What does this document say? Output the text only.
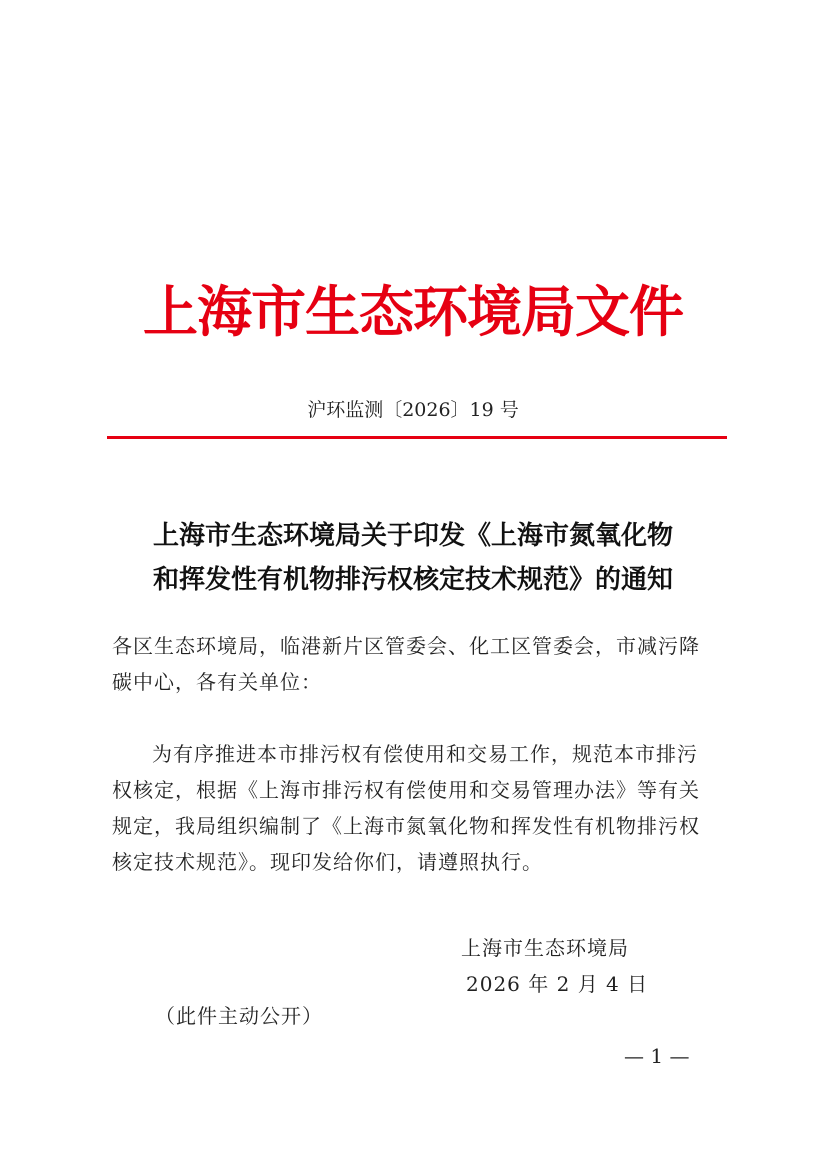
上海市生态环境局文件
沪环监测〔2026〕19 号
上海市生态环境局关于印发《上海市氮氧化物
和挥发性有机物排污权核定技术规范》的通知
各区生态环境局，临港新片区管委会、化工区管委会，市减污降
碳中心，各有关单位：
为有序推进本市排污权有偿使用和交易工作，规范本市排污
权核定，根据《上海市排污权有偿使用和交易管理办法》等有关
规定，我局组织编制了《上海市氮氧化物和挥发性有机物排污权
核定技术规范》。现印发给你们，请遵照执行。
上海市生态环境局
2026 年 2 月 4 日
（此件主动公开）
— 1 —
